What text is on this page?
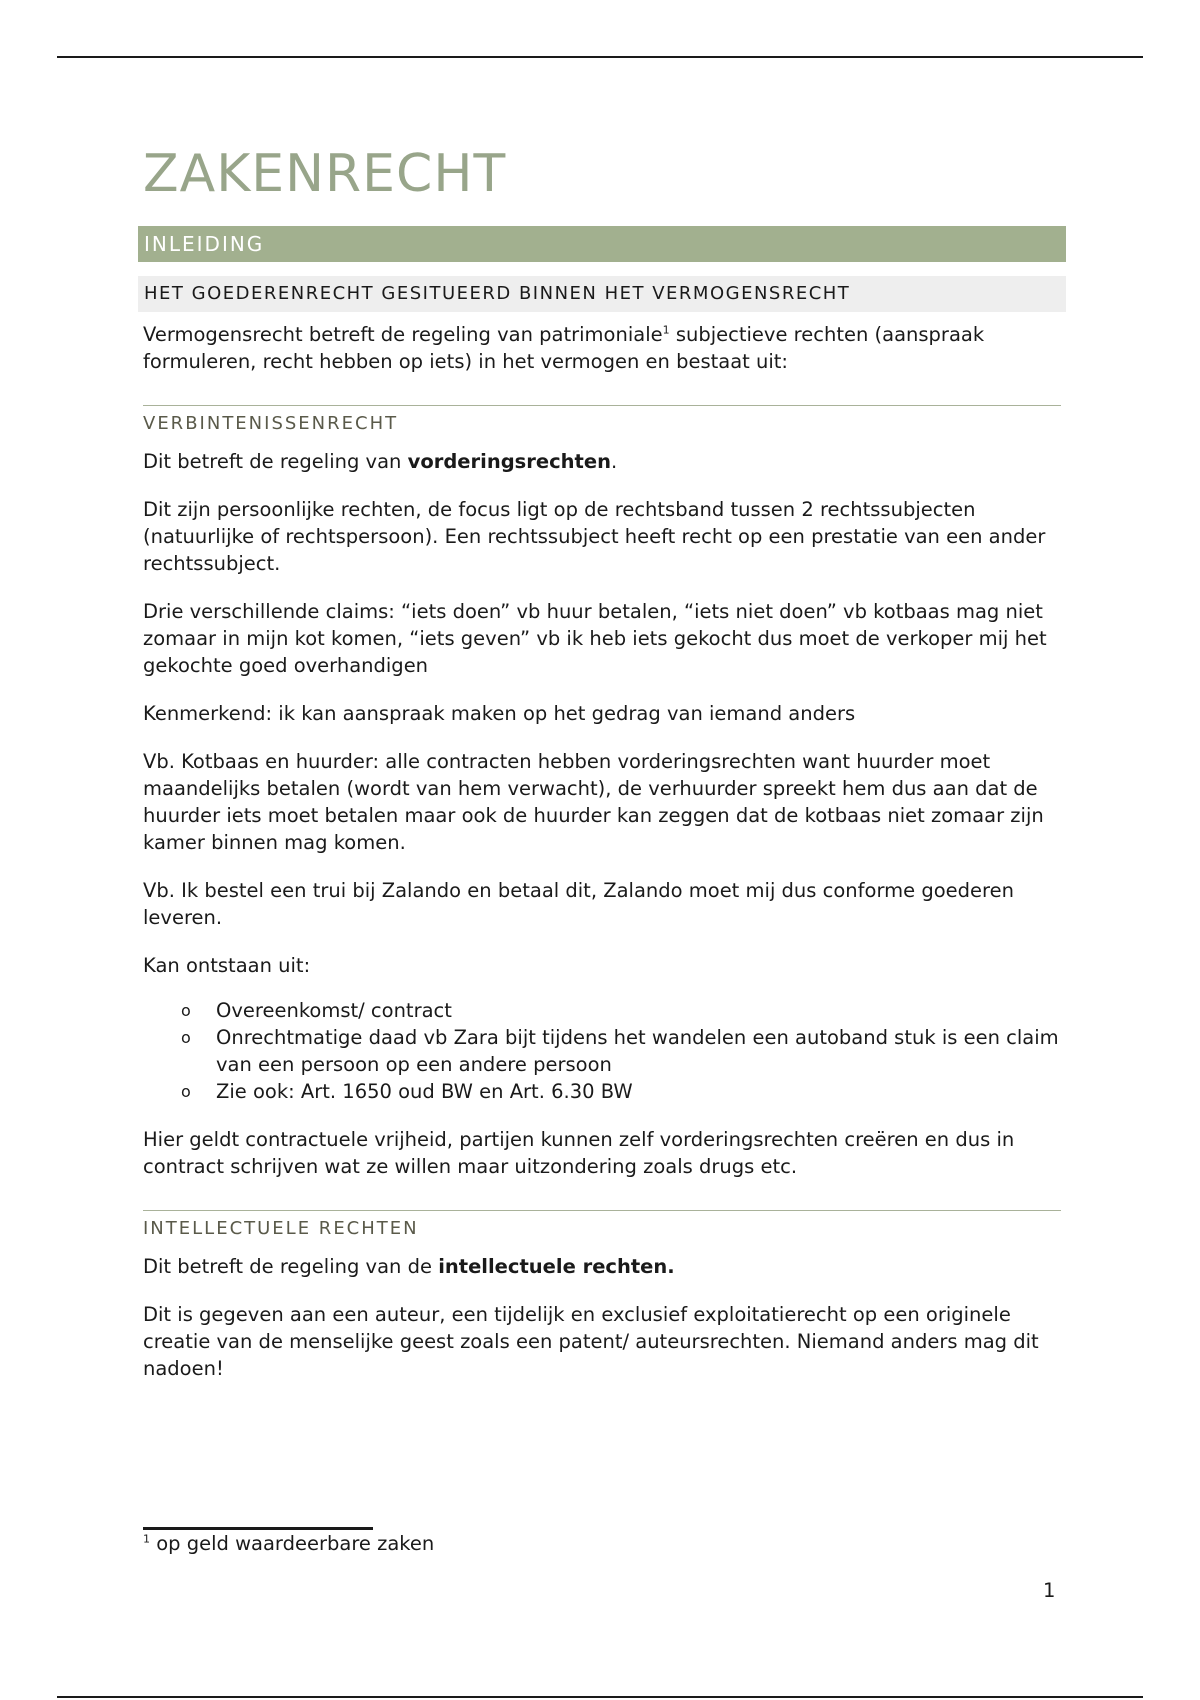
ZAKENRECHT
INLEIDING
HET GOEDERENRECHT GESITUEERD BINNEN HET VERMOGENSRECHT

Vermogensrecht betreft de regeling van patrimoniale$^1$ subjectieve rechten (aanspraak formuleren, recht hebben op iets) in het vermogen en bestaat uit:

VERBINTENISSENRECHT

Dit betreft de regeling van vorderingsrechten.

Dit zijn persoonlijke rechten, de focus ligt op de rechtsband tussen 2 rechtssubjecten (natuurlijke of rechtspersoon). Een rechtssubject heeft recht op een prestatie van een ander rechtssubject.

Drie verschillende claims: “iets doen” vb huur betalen, “iets niet doen” vb kotbaas mag niet zomaar in mijn kot komen, “iets geven” vb ik heb iets gekocht dus moet de verkoper mij het gekochte goed overhandigen

Kenmerkend: ik kan aanspraak maken op het gedrag van iemand anders

Vb. Kotbaas en huurder: alle contracten hebben vorderingsrechten want huurder moet maandelijks betalen (wordt van hem verwacht), de verhuurder spreekt hem dus aan dat de huurder iets moet betalen maar ook de huurder kan zeggen dat de kotbaas niet zomaar zijn kamer binnen mag komen.

Vb. Ik bestel een trui bij Zalando en betaal dit, Zalando moet mij dus conforme goederen leveren.

Kan ontstaan uit:

o Overeenkomst/ contract
o Onrechtmatige daad vb Zara bijt tijdens het wandelen een autoband stuk is een claim van een persoon op een andere persoon
o Zie ook: Art. 1650 oud BW en Art. 6.30 BW

Hier geldt contractuele vrijheid, partijen kunnen zelf vorderingsrechten creëren en dus in contract schrijven wat ze willen maar uitzondering zoals drugs etc.

INTELLECTUELE RECHTEN

Dit betreft de regeling van de intellectuele rechten.

Dit is gegeven aan een auteur, een tijdelijk en exclusief exploitatierecht op een originele creatie van de menselijke geest zoals een patent/ auteursrechten. Niemand anders mag dit nadoen!

$^1$ op geld waardeerbare zaken
1
